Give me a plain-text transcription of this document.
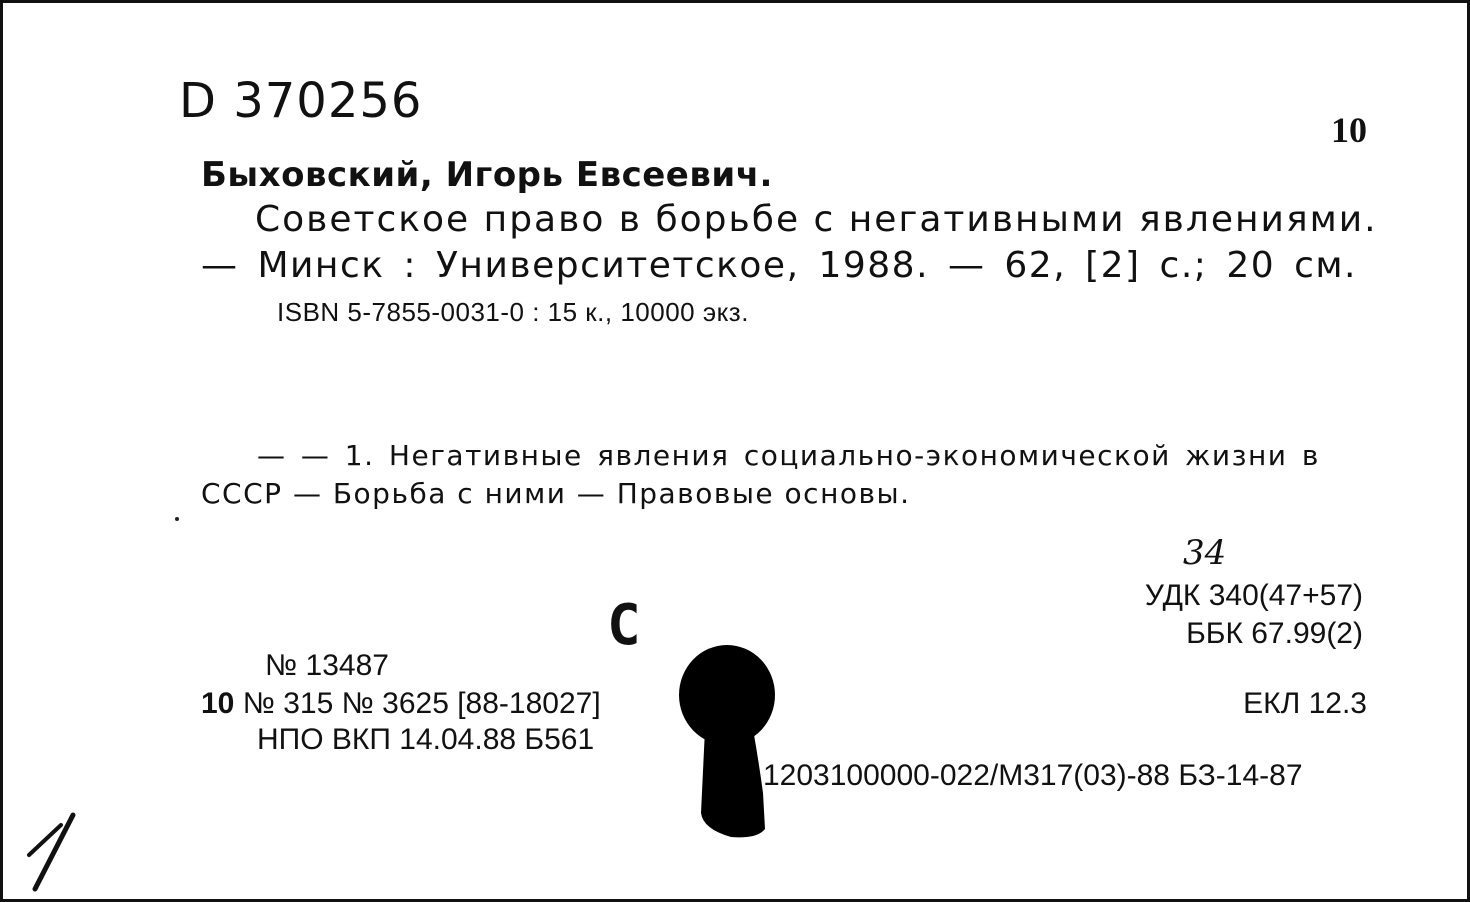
D 370256
10
Быховский, Игорь Евсеевич.
Советское право в борьбе с негативными явлениями.
— Минск : Университетское, 1988. — 62, [2] с.; 20 см.
ISBN 5-7855-0031-0 : 15 к., 10000 экз.
— — 1. Негативные явления социально-экономической жизни в
СССР — Борьба с ними — Правовые основы.
34
УДК 340(47+57)
ББК 67.99(2)
С
№ 13487
10 № 315 № 3625 [88-18027]
НПО ВКП 14.04.88 Б561
ЕКЛ 12.3
1203100000-022/М317(03)-88 БЗ-14-87
